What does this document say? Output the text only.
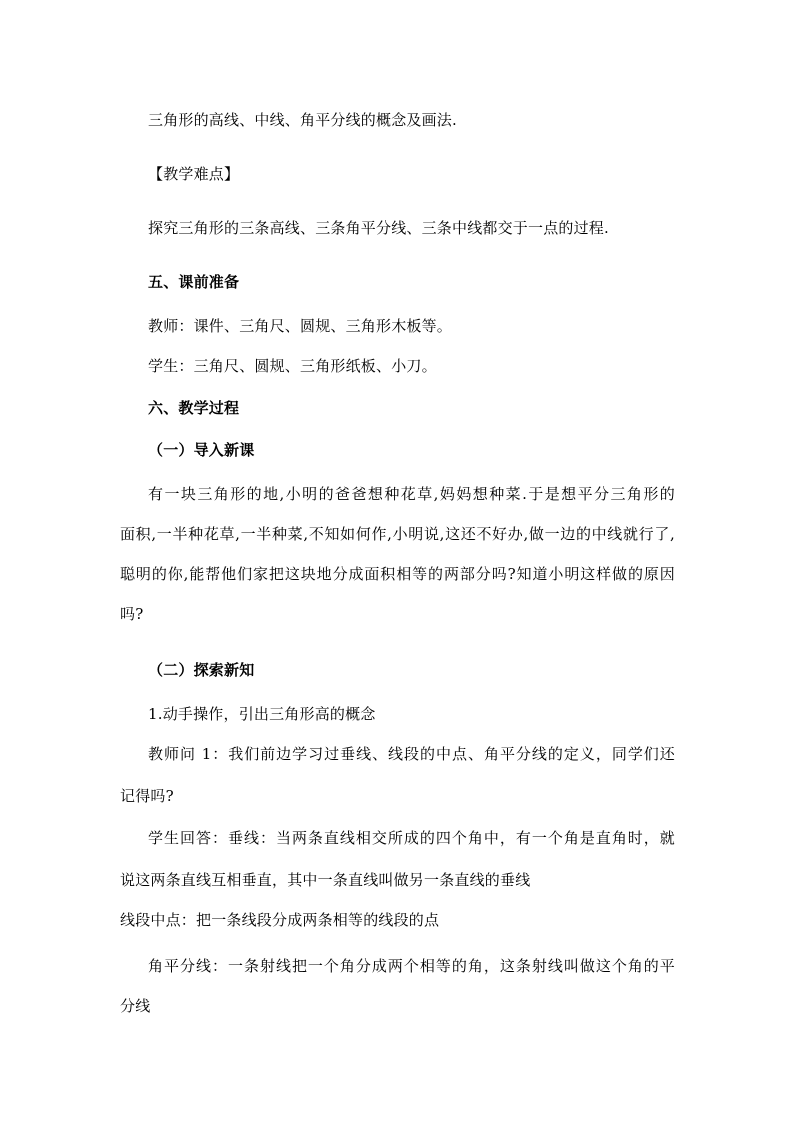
三角形的高线、中线、角平分线的概念及画法.
【教学难点】
探究三角形的三条高线、三条角平分线、三条中线都交于一点的过程.
五、课前准备
教师：课件、三角尺、圆规、三角形木板等。
学生：三角尺、圆规、三角形纸板、小刀。
六、教学过程
（一）导入新课
有一块三角形的地,小明的爸爸想种花草,妈妈想种菜.于是想平分三角形的
面积,一半种花草,一半种菜,不知如何作,小明说,这还不好办,做一边的中线就行了,
聪明的你,能帮他们家把这块地分成面积相等的两部分吗?知道小明这样做的原因
吗?
（二）探索新知
1.动手操作，引出三角形高的概念
教师问 1：我们前边学习过垂线、线段的中点、角平分线的定义，同学们还
记得吗?
学生回答：垂线：当两条直线相交所成的四个角中，有一个角是直角时，就
说这两条直线互相垂直，其中一条直线叫做另一条直线的垂线
线段中点：把一条线段分成两条相等的线段的点
角平分线：一条射线把一个角分成两个相等的角，这条射线叫做这个角的平
分线
